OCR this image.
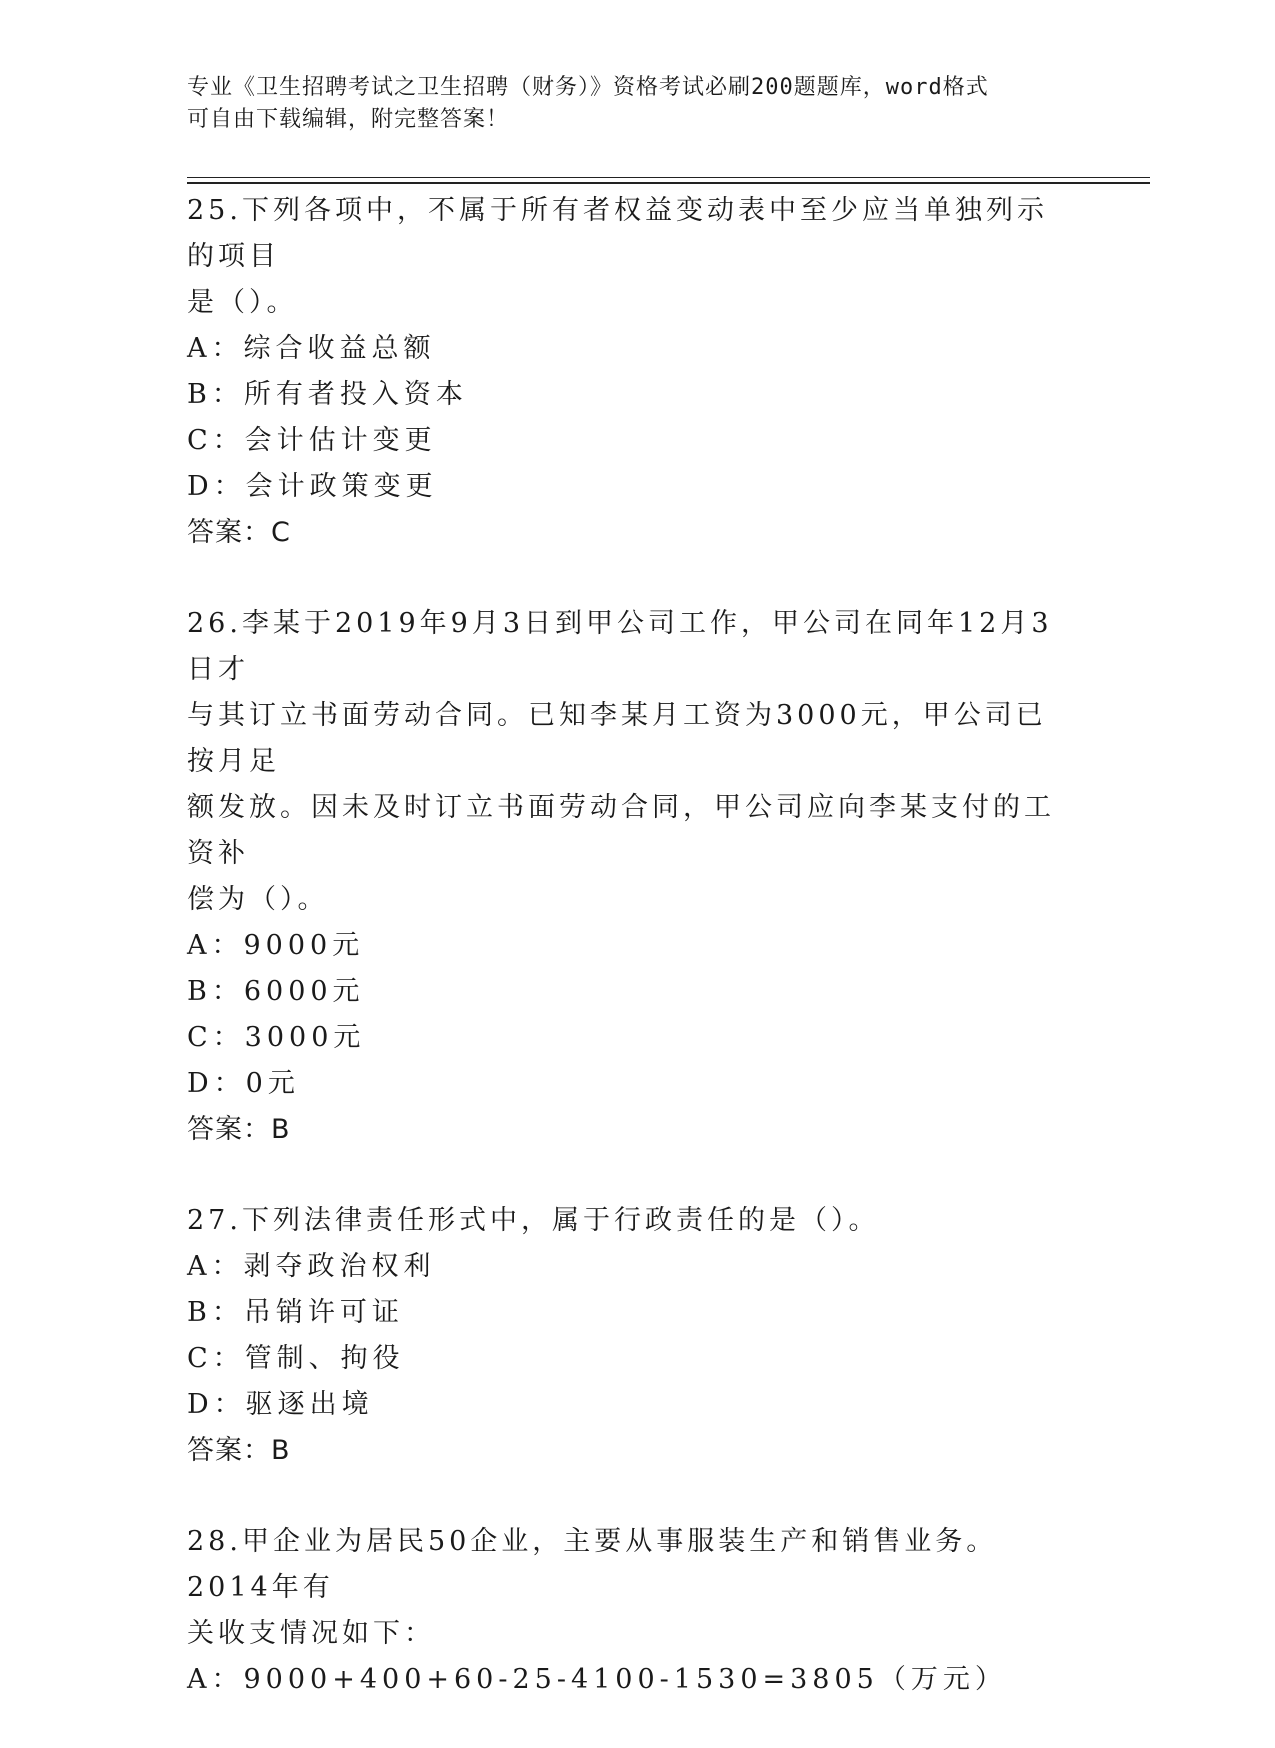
专业《卫生招聘考试之卫生招聘（财务）》资格考试必刷200题题库，word格式
可自由下载编辑，附完整答案！
25.下列各项中，不属于所有者权益变动表中至少应当单独列示的项目
是（）。
A：综合收益总额
B：所有者投入资本
C：会计估计变更
D：会计政策变更
答案：C
26.李某于2019年9月3日到甲公司工作，甲公司在同年12月3日才
与其订立书面劳动合同。已知李某月工资为3000元，甲公司已按月足
额发放。因未及时订立书面劳动合同，甲公司应向李某支付的工资补
偿为（）。
A：9000元
B：6000元
C：3000元
D：0元
答案：B
27.下列法律责任形式中，属于行政责任的是（）。
A：剥夺政治权利
B：吊销许可证
C：管制、拘役
D：驱逐出境
答案：B
28.甲企业为居民50企业，主要从事服装生产和销售业务。2014年有
关收支情况如下：
A：9000+400+60-25-4100-1530=3805（万元）
